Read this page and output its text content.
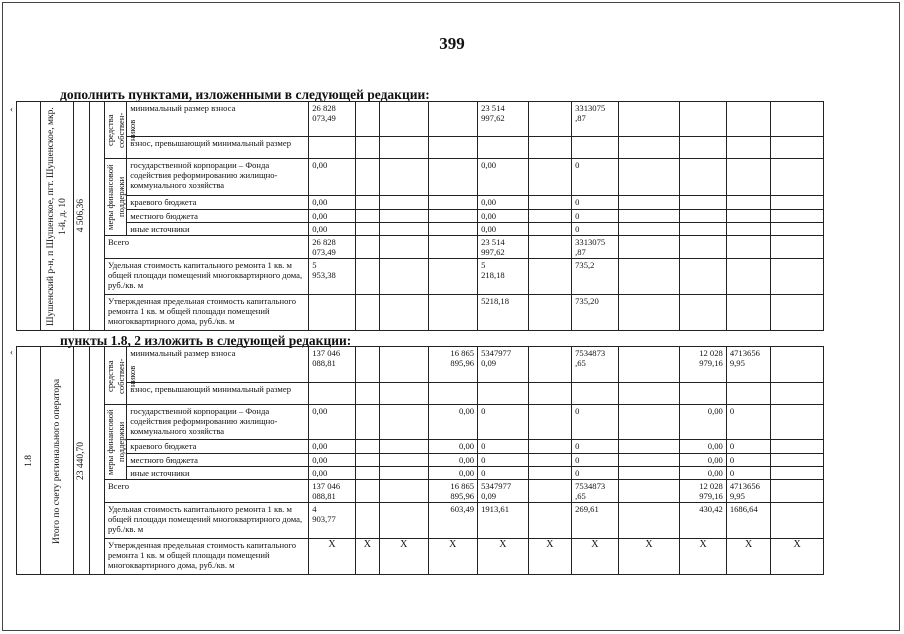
399
дополнить пунктами, изложенными в следующей редакции:
‹

	Шушенский р-н, п Шушенское, пгт. Шушенское, мкр. 1-й, д. 10	4 506,36		средства собствен-ников	минимальный размер взноса	26 828
073,49				23 514
997,62		3313075
,87				
					взнос, превышающий минимальный размер											

				меры финансовой поддержки	государственной корпорации – Фонда содействия реформированию жилищно-коммунального хозяйства	0,00				0,00		0				
					краевого бюджета	0,00				0,00		0				
					местного бюджета	0,00				0,00		0				
					иные источники	0,00				0,00		0				
				Всего		26 828
073,49				23 514
997,62		3313075
,87				
				Удельная стоимость капитального ремонта 1 кв. м общей площади помещений многоквартирного дома, руб./кв. м		5
953,38				5
218,18		735,2				
				Утвержденная предельная стоимость капитального ремонта 1 кв. м общей площади помещений многоквартирного дома, руб./кв. м						5218,18		735,20				
пункты 1.8, 2 изложить в следующей редакции:
‹
1.8	Итого по счету регионального оператора	23 440,70		средства собствен-ников	минимальный размер взноса	137 046
088,81			16 865
895,96	5347977
0,09		7534873
,65		12 028
979,16	4713656
9,95	
					взнос, превышающий минимальный размер											

				меры финансовой поддержки	государственной корпорации – Фонда содействия реформированию жилищно-коммунального хозяйства	0,00			0,00	0		0		0,00	0	
					краевого бюджета	0,00			0,00	0		0		0,00	0	
					местного бюджета	0,00			0,00	0		0		0,00	0	
					иные источники	0,00			0,00	0		0		0,00	0	
				Всего		137 046
088,81			16 865
895,96	5347977
0,09		7534873
,65		12 028
979,16	4713656
9,95	
				Удельная стоимость капитального ремонта 1 кв. м общей площади помещений многоквартирного дома, руб./кв. м		4
903,77			603,49	1913,61		269,61		430,42	1686,64	
				Утвержденная предельная стоимость капитального ремонта 1 кв. м общей площади помещений многоквартирного дома, руб./кв. м		X	X	X	X	X	X	X	X	X	X	X
